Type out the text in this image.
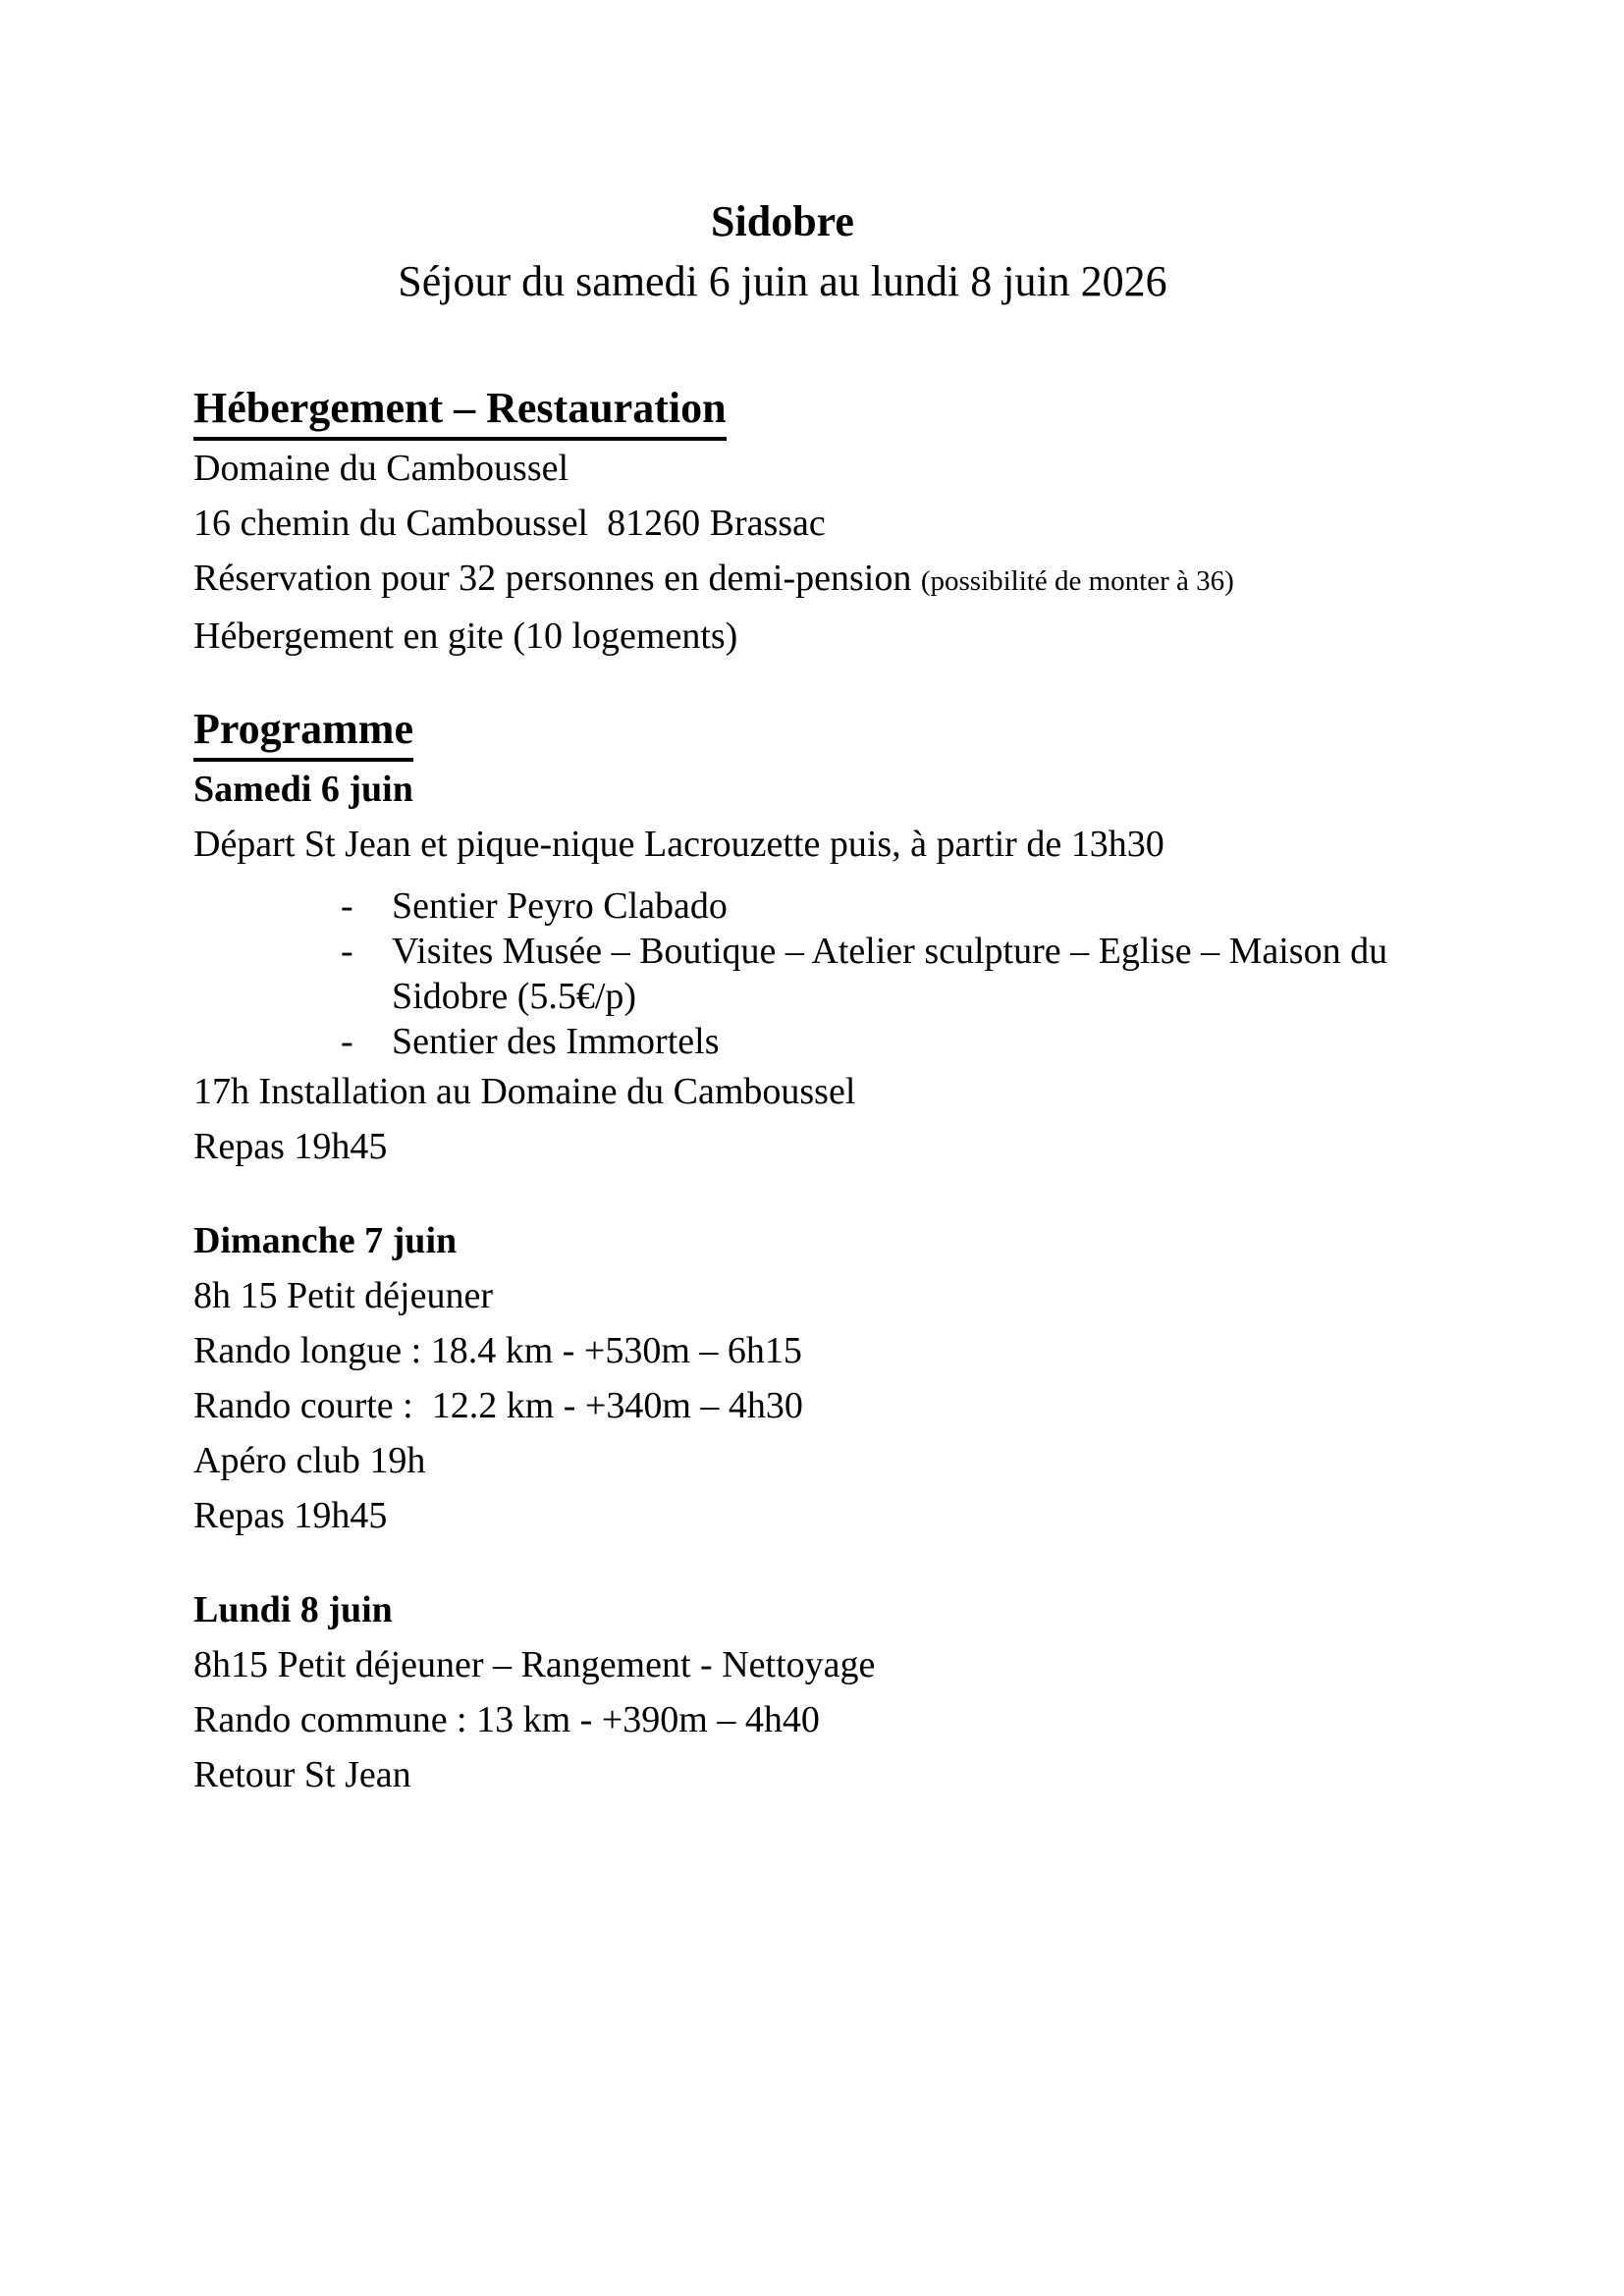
Sidobre
Séjour du samedi 6 juin au lundi 8 juin 2026
Hébergement – Restauration
Domaine du Camboussel
16 chemin du Camboussel  81260 Brassac
Réservation pour 32 personnes en demi-pension (possibilité de monter à 36)
Hébergement en gite (10 logements)
Programme
Samedi 6 juin
Départ St Jean et pique-nique Lacrouzette puis, à partir de 13h30
-	Sentier Peyro Clabado
-	Visites Musée – Boutique – Atelier sculpture – Eglise – Maison du
Sidobre (5.5€/p)
-	Sentier des Immortels
17h Installation au Domaine du Camboussel
Repas 19h45
Dimanche 7 juin
8h 15 Petit déjeuner
Rando longue : 18.4 km - +530m – 6h15
Rando courte :  12.2 km - +340m – 4h30
Apéro club 19h
Repas 19h45
Lundi 8 juin
8h15 Petit déjeuner – Rangement - Nettoyage
Rando commune : 13 km - +390m – 4h40
Retour St Jean
